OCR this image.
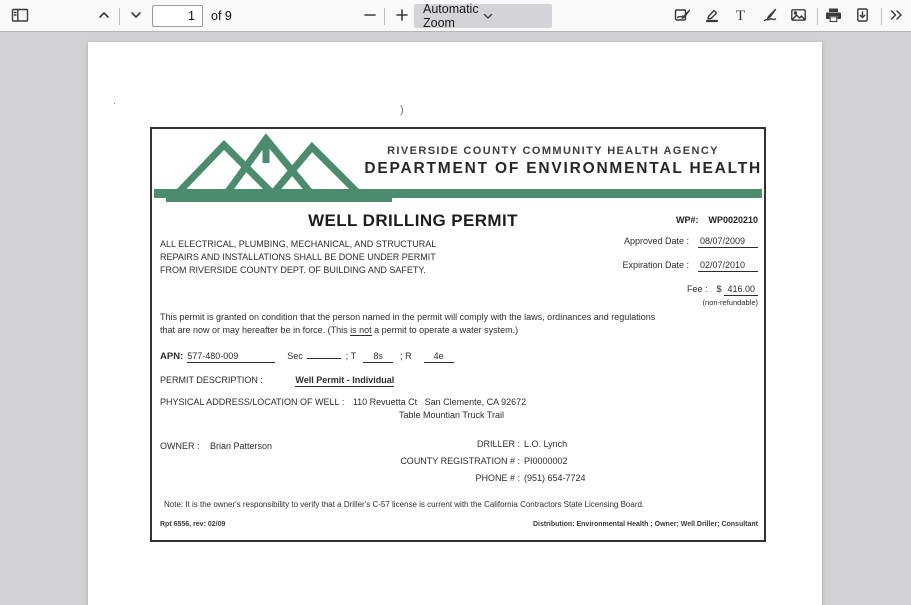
1
of 9	Automatic Zoom	T
·
)
RIVERSIDE COUNTY COMMUNITY HEALTH AGENCY
DEPARTMENT OF ENVIRONMENTAL HEALTH
WELL DRILLING PERMIT	WP#: WP0020210
ALL ELECTRICAL, PLUMBING, MECHANICAL, AND STRUCTURAL
REPAIRS AND INSTALLATIONS SHALL BE DONE UNDER PERMIT
FROM RIVERSIDE COUNTY DEPT. OF BUILDING AND SAFETY.
Approved Date : 08/07/2009
Expiration Date : 02/07/2010
Fee : $ 416.00
(non-refundable)
This permit is granted on condition that the person named in the permit will comply with the laws, ordinances and regulations
that are now or may hereafter be in force. (This is not a permit to operate a water system.)
APN: 577-480-009	Sec	; T	8s	; R	4e
PERMIT DESCRIPTION :	Well Permit - Individual
PHYSICAL ADDRESS/LOCATION OF WELL : 110 Revuetta Ct   San Clemente, CA 92672
Table Mountian Truck Trail
OWNER : Brian Patterson	DRILLER : L.O. Lynch
COUNTY REGISTRATION # : PI0000002
PHONE # : (951) 654-7724
Note: It is the owner's responsibility to verify that a Driller's C-57 license is current with the California Contractors State Licensing Board.
Rpt 6556, rev: 02/09	Distribution: Environmental Health ; Owner; Well Driller; Consultant
